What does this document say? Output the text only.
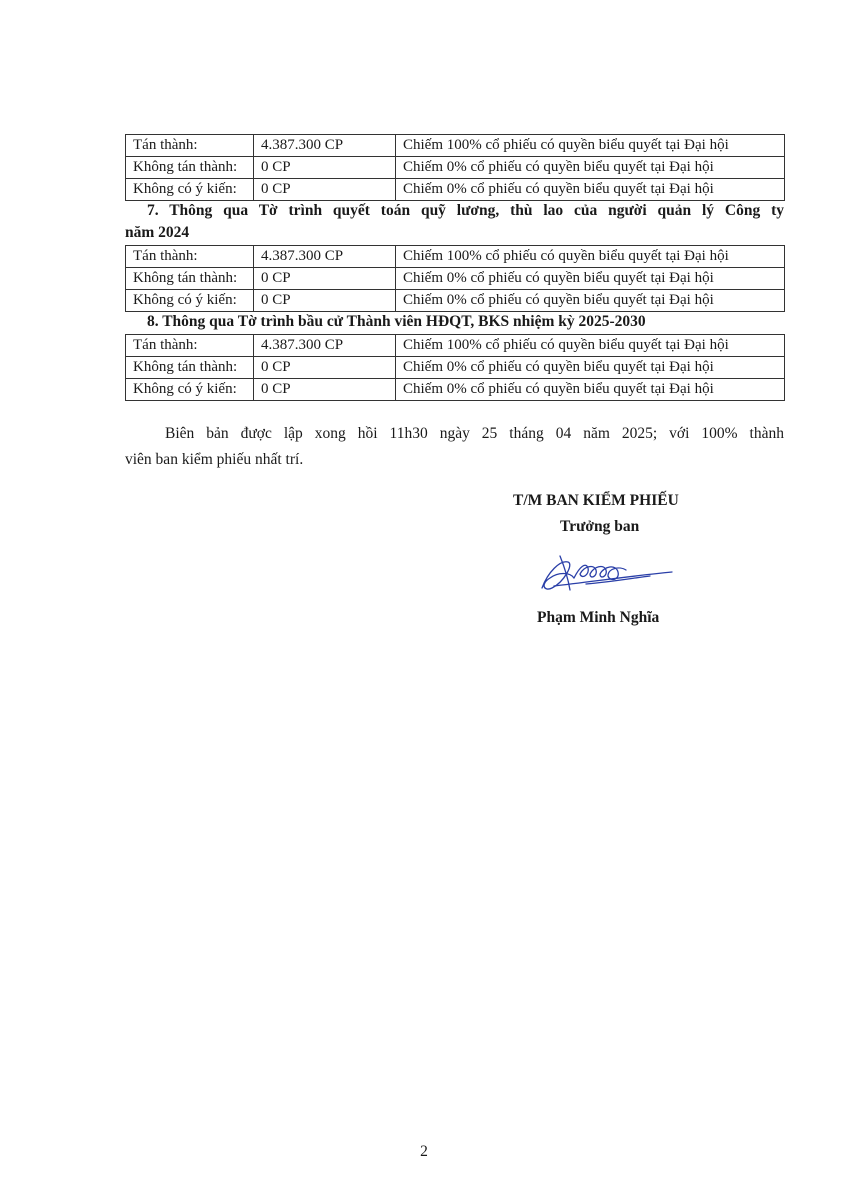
Tán thành:	4.387.300 CP	Chiếm 100% cổ phiếu có quyền biểu quyết tại Đại hội
Không tán thành:	0 CP	Chiếm 0% cổ phiếu có quyền biểu quyết tại Đại hội
Không có ý kiến:	0 CP	Chiếm 0% cổ phiếu có quyền biểu quyết tại Đại hội
7. Thông qua Tờ trình quyết toán quỹ lương, thù lao của người quản lý Công ty
năm 2024
Tán thành:	4.387.300 CP	Chiếm 100% cổ phiếu có quyền biểu quyết tại Đại hội
Không tán thành:	0 CP	Chiếm 0% cổ phiếu có quyền biểu quyết tại Đại hội
Không có ý kiến:	0 CP	Chiếm 0% cổ phiếu có quyền biểu quyết tại Đại hội
8. Thông qua Tờ trình bầu cử Thành viên HĐQT, BKS nhiệm kỳ 2025-2030
Tán thành:	4.387.300 CP	Chiếm 100% cổ phiếu có quyền biểu quyết tại Đại hội
Không tán thành:	0 CP	Chiếm 0% cổ phiếu có quyền biểu quyết tại Đại hội
Không có ý kiến:	0 CP	Chiếm 0% cổ phiếu có quyền biểu quyết tại Đại hội
Biên bản được lập xong hồi 11h30 ngày 25 tháng 04 năm 2025; với 100% thành
viên ban kiểm phiếu nhất trí.
T/M BAN KIỂM PHIẾU
Trưởng ban
Phạm Minh Nghĩa
2
